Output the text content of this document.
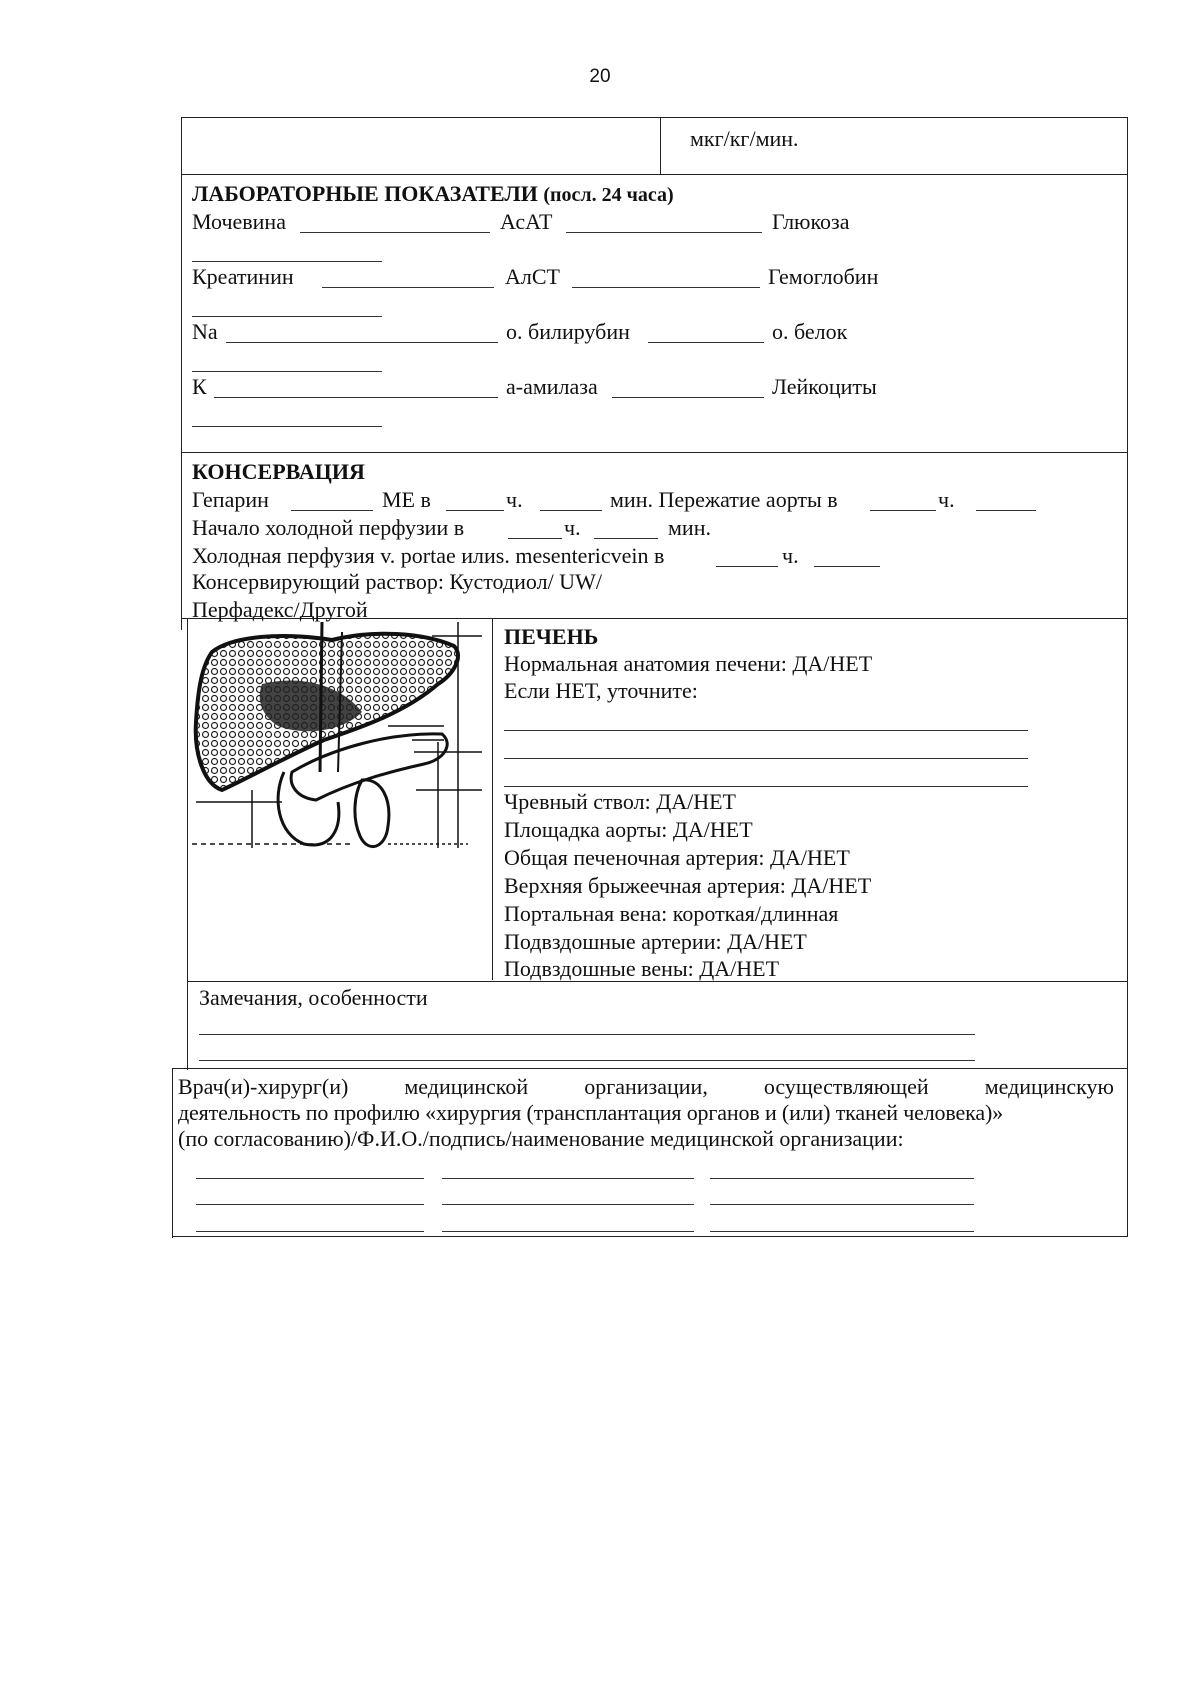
20
мкг/кг/мин.
ЛАБОРАТОРНЫЕ ПОКАЗАТЕЛИ (посл. 24 часа)
Мочевина	АсАТ	Глюкоза
Креатинин	АлСТ	Гемоглобин
Na	о. билирубин	о. белок
К	а-амилаза	Лейкоциты
КОНСЕРВАЦИЯ
Гепарин	МЕ в	ч.	мин. Пережатие аорты в	ч.
Начало холодной перфузии в	ч.	мин.
Холодная перфузия v. portae илиs. mesentericvein в	ч.
Консервирующий раствор: Кустодиол/ UW/
Перфадекс/Другой
ПЕЧЕНЬ
Нормальная анатомия печени: ДА/НЕТ
Если НЕТ, уточните:
Чревный ствол: ДА/НЕТ
Площадка аорты: ДА/НЕТ
Общая печеночная артерия: ДА/НЕТ
Верхняя брыжеечная артерия: ДА/НЕТ
Портальная вена: короткая/длинная
Подвздошные артерии: ДА/НЕТ
Подвздошные вены: ДА/НЕТ
Замечания, особенности
Врач(и)-хирург(и)	медицинской	организации,	осуществляющей	медицинскую
деятельность по профилю «хирургия (трансплантация органов и (или) тканей человека)»
(по согласованию)/Ф.И.О./подпись/наименование медицинской организации:
